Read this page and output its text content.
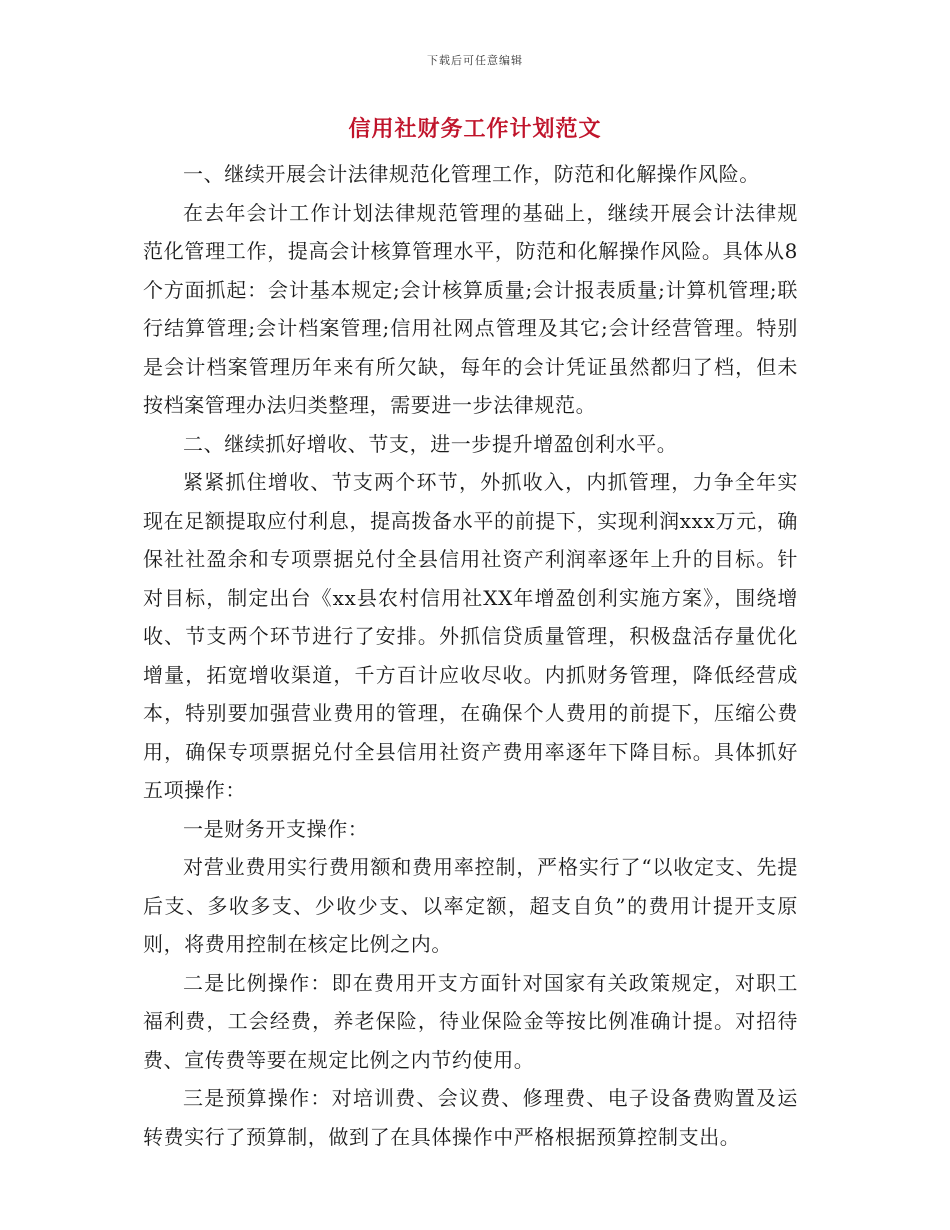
下载后可任意编辑
信用社财务工作计划范文

一、继续开展会计法律规范化管理工作，防范和化解操作风险。

在去年会计工作计划法律规范管理的基础上，继续开展会计法律规范化管理工作，提高会计核算管理水平，防范和化解操作风险。具体从8个方面抓起：会计基本规定;会计核算质量;会计报表质量;计算机管理;联行结算管理;会计档案管理;信用社网点管理及其它;会计经营管理。特别是会计档案管理历年来有所欠缺，每年的会计凭证虽然都归了档，但未按档案管理办法归类整理，需要进一步法律规范。

二、继续抓好增收、节支，进一步提升增盈创利水平。

紧紧抓住增收、节支两个环节，外抓收入，内抓管理，力争全年实现在足额提取应付利息，提高拨备水平的前提下，实现利润xxx万元，确保社社盈余和专项票据兑付全县信用社资产利润率逐年上升的目标。针对目标，制定出台《xx县农村信用社XX年增盈创利实施方案》，围绕增收、节支两个环节进行了安排。外抓信贷质量管理，积极盘活存量优化增量，拓宽增收渠道，千方百计应收尽收。内抓财务管理，降低经营成本，特别要加强营业费用的管理，在确保个人费用的前提下，压缩公费用，确保专项票据兑付全县信用社资产费用率逐年下降目标。具体抓好五项操作：

一是财务开支操作：

对营业费用实行费用额和费用率控制，严格实行了“以收定支、先提后支、多收多支、少收少支、以率定额，超支自负”的费用计提开支原则，将费用控制在核定比例之内。

二是比例操作：即在费用开支方面针对国家有关政策规定，对职工福利费，工会经费，养老保险，待业保险金等按比例准确计提。对招待费、宣传费等要在规定比例之内节约使用。

三是预算操作：对培训费、会议费、修理费、电子设备费购置及运转费实行了预算制，做到了在具体操作中严格根据预算控制支出。
